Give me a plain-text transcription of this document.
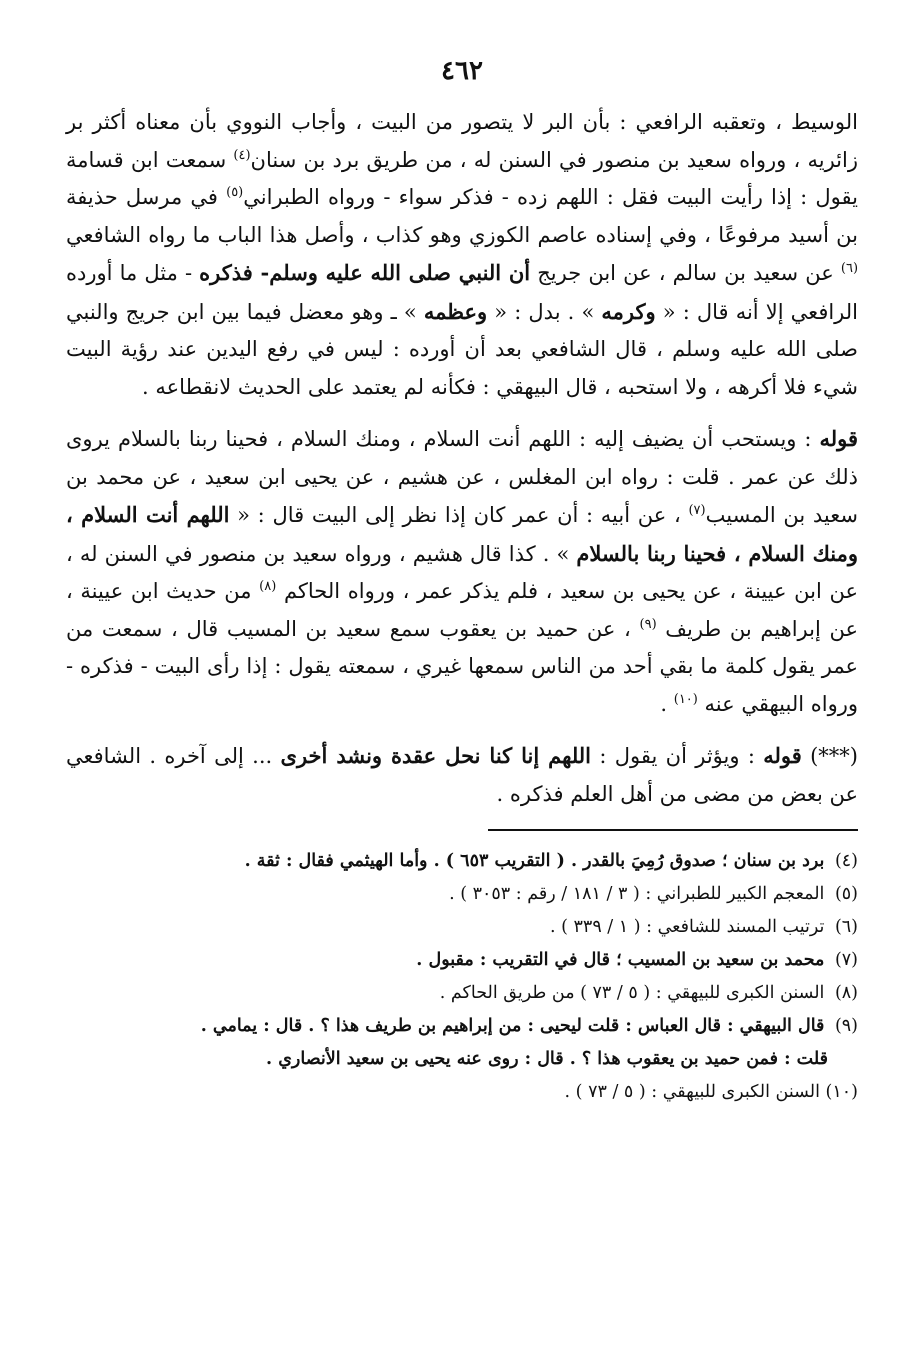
٤٦٢

الوسيط ، وتعقبه الرافعي : بأن البر لا يتصور من البيت ، وأجاب النووي بأن معناه أكثر بر زائريه ، ورواه سعيد بن منصور في السنن له ، من طريق برد بن سنان$^{(٤)}$ سمعت ابن قسامة يقول : إذا رأيت البيت فقل : اللهم زده - فذكر سواء - ورواه الطبراني$^{(٥)}$ في مرسل حذيفة بن أسيد مرفوعًا ، وفي إسناده عاصم الكوزي وهو كذاب ، وأصل هذا الباب ما رواه الشافعي $^{(٦)}$ عن سعيد بن سالم ، عن ابن جريج أن النبي صلى الله عليه وسلم- فذكره - مثل ما أورده الرافعي إلا أنه قال : « وكرمه » . بدل : « وعظمه » ـ وهو معضل فيما بين ابن جريج والنبي صلى الله عليه وسلم ، قال الشافعي بعد أن أورده : ليس في رفع اليدين عند رؤية البيت شيء فلا أكرهه ، ولا استحبه ، قال البيهقي : فكأنه لم يعتمد على الحديث لانقطاعه .

قوله : ويستحب أن يضيف إليه : اللهم أنت السلام ، ومنك السلام ، فحينا ربنا بالسلام يروى ذلك عن عمر . قلت : رواه ابن المغلس ، عن هشيم ، عن يحيى ابن سعيد ، عن محمد بن سعيد بن المسيب$^{(٧)}$ ، عن أبيه : أن عمر كان إذا نظر إلى البيت قال : « اللهم أنت السلام ، ومنك السلام ، فحينا ربنا بالسلام » . كذا قال هشيم ، ورواه سعيد بن منصور في السنن له ، عن ابن عيينة ، عن يحيى بن سعيد ، فلم يذكر عمر ، ورواه الحاكم $^{(٨)}$ من حديث ابن عيينة ، عن إبراهيم بن طريف $^{(٩)}$ ، عن حميد بن يعقوب سمع سعيد بن المسيب قال ، سمعت من عمر يقول كلمة ما بقي أحد من الناس سمعها غيري ، سمعته يقول : إذا رأى البيت - فذكره - ورواه البيهقي عنه $^{(١٠)}$ .

(***) قوله : ويؤثر أن يقول : اللهم إنا كنا نحل عقدة ونشد أخرى ... إلى آخره . الشافعي عن بعض من مضى من أهل العلم فذكره .

(٤) برد بن سنان ؛ صدوق رُمِيَ بالقدر . ( التقريب ٦٥٣ ) . وأما الهيثمي فقال : ثقة .
(٥) المعجم الكبير للطبراني : ( ٣ / ١٨١ / رقم : ٣٠٥٣ ) .
(٦) ترتيب المسند للشافعي : ( ١ / ٣٣٩ ) .
(٧) محمد بن سعيد بن المسيب ؛ قال في التقريب : مقبول .
(٨) السنن الكبرى للبيهقي : ( ٥ / ٧٣ ) من طريق الحاكم .
(٩) قال البيهقي : قال العباس : قلت ليحيى : من إبراهيم بن طريف هذا ؟ . قال : يمامي .
قلت : فمن حميد بن يعقوب هذا ؟ . قال : روى عنه يحيى بن سعيد الأنصاري .
(١٠) السنن الكبرى للبيهقي : ( ٥ / ٧٣ ) .
